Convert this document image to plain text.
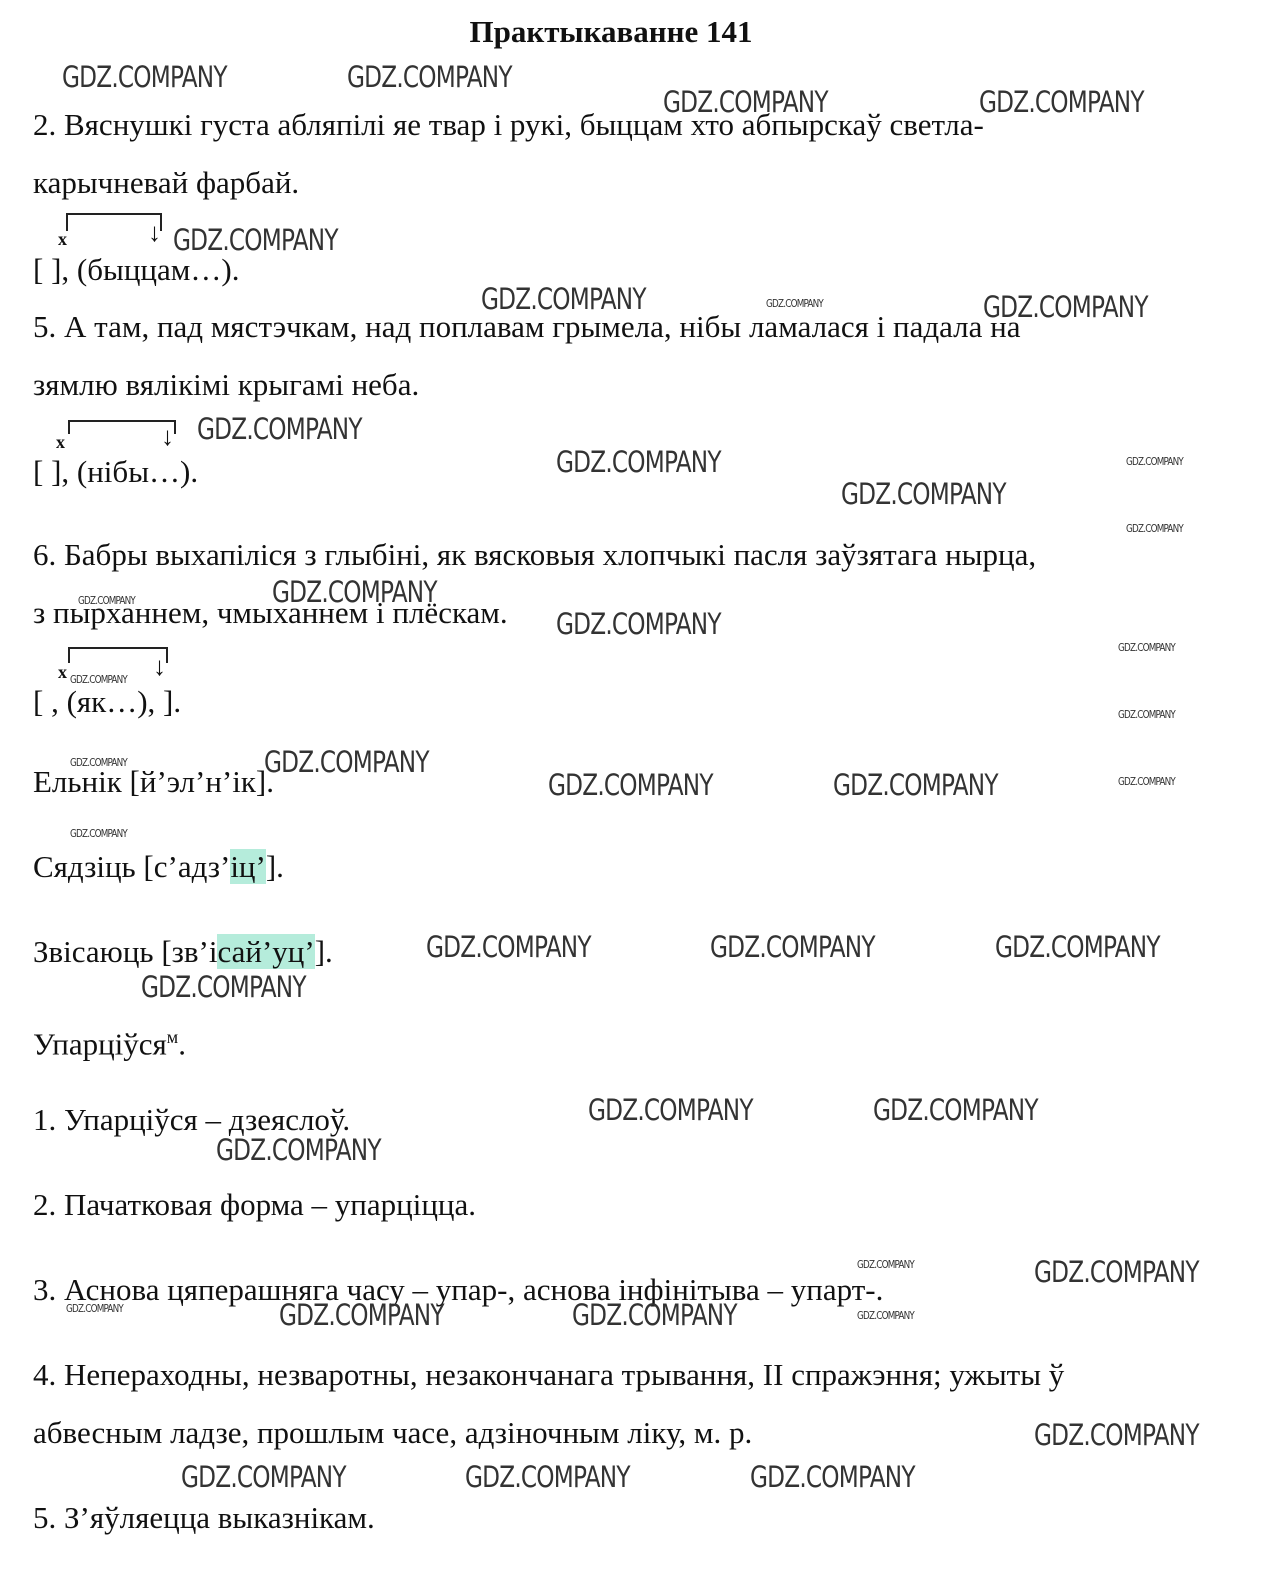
Практыкаванне 141
2. Вяснушкі густа абляпілі яе твар і рукі, быццам хто абпырскаў светла-
карычневай фарбай.
[ ], (быццам…).
↓
x
5. А там, пад мястэчкам, над поплавам грымела, нібы ламалася і падала на
зямлю вялікімі крыгамі неба.
[ ], (нібы…).
↓
x
6. Бабры выхапіліся з глыбіні, як вясковыя хлопчыкі пасля заўзятага нырца,
з пырханнем, чмыханнем і плёскам.
[ , (як…), ].
↓
x
Ельнік [й’эл’н’ік].
Сядзіць [с’адз’іц’].
Звісаюць [зв’ісай’уц’].
Упарціўся$^м$.
1. Упарціўся – дзеяслоў.
2. Пачатковая форма – упарціцца.
3. Аснова цяперашняга часу – упар-, аснова інфінітыва – упарт-.
4. Непераходны, незваротны, незакончанага трывання, II спражэння; ужыты ў
абвесным ладзе, прошлым часе, адзіночным ліку, м. р.
5. З’яўляецца выказнікам.
GDZ.COMPANY
GDZ.COMPANY
GDZ.COMPANY
GDZ.COMPANY
GDZ.COMPANY
GDZ.COMPANY
GDZ.COMPANY
GDZ.COMPANY
GDZ.COMPANY
GDZ.COMPANY
GDZ.COMPANY
GDZ.COMPANY
GDZ.COMPANY
GDZ.COMPANY
GDZ.COMPANY
GDZ.COMPANY
GDZ.COMPANY
GDZ.COMPANY
GDZ.COMPANY
GDZ.COMPANY
GDZ.COMPANY
GDZ.COMPANY
GDZ.COMPANY
GDZ.COMPANY
GDZ.COMPANY
GDZ.COMPANY
GDZ.COMPANY
GDZ.COMPANY
GDZ.COMPANY
GDZ.COMPANY
GDZ.COMPANY
GDZ.COMPANY
GDZ.COMPANY
GDZ.COMPANY
GDZ.COMPANY
GDZ.COMPANY
GDZ.COMPANY
GDZ.COMPANY
GDZ.COMPANY
GDZ.COMPANY
GDZ.COMPANY
GDZ.COMPANY
